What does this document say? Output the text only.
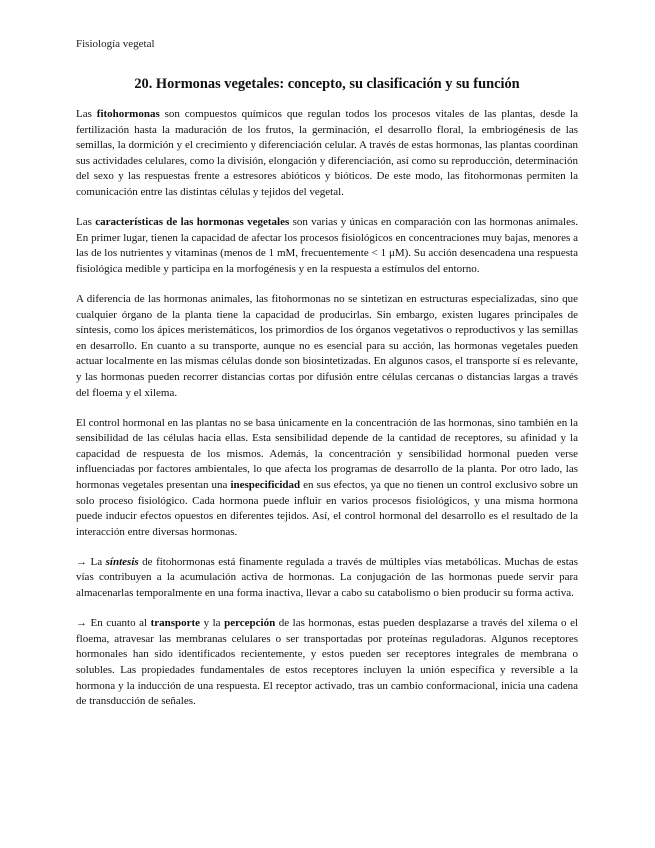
Fisiología vegetal
20. Hormonas vegetales: concepto, su clasificación y su función

Las fitohormonas son compuestos químicos que regulan todos los procesos vitales de las plantas, desde la fertilización hasta la maduración de los frutos, la germinación, el desarrollo floral, la embriogénesis de las semillas, la dormición y el crecimiento y diferenciación celular. A través de estas hormonas, las plantas coordinan sus actividades celulares, como la división, elongación y diferenciación, así como su reproducción, determinación del sexo y las respuestas frente a estresores abióticos y bióticos. De este modo, las fitohormonas permiten la comunicación entre las distintas células y tejidos del vegetal.

Las características de las hormonas vegetales son varias y únicas en comparación con las hormonas animales. En primer lugar, tienen la capacidad de afectar los procesos fisiológicos en concentraciones muy bajas, menores a las de los nutrientes y vitaminas (menos de 1 mM, frecuentemente < 1 μM). Su acción desencadena una respuesta fisiológica medible y participa en la morfogénesis y en la respuesta a estímulos del entorno.

A diferencia de las hormonas animales, las fitohormonas no se sintetizan en estructuras especializadas, sino que cualquier órgano de la planta tiene la capacidad de producirlas. Sin embargo, existen lugares principales de síntesis, como los ápices meristemáticos, los primordios de los órganos vegetativos o reproductivos y las semillas en desarrollo. En cuanto a su transporte, aunque no es esencial para su acción, las hormonas vegetales pueden actuar localmente en las mismas células donde son biosintetizadas. En algunos casos, el transporte sí es relevante, y las hormonas pueden recorrer distancias cortas por difusión entre células cercanas o distancias largas a través del floema y el xilema.

El control hormonal en las plantas no se basa únicamente en la concentración de las hormonas, sino también en la sensibilidad de las células hacia ellas. Esta sensibilidad depende de la cantidad de receptores, su afinidad y la capacidad de respuesta de los mismos. Además, la concentración y sensibilidad hormonal pueden verse influenciadas por factores ambientales, lo que afecta los programas de desarrollo de la planta. Por otro lado, las hormonas vegetales presentan una inespecificidad en sus efectos, ya que no tienen un control exclusivo sobre un solo proceso fisiológico. Cada hormona puede influir en varios procesos fisiológicos, y una misma hormona puede inducir efectos opuestos en diferentes tejidos. Así, el control hormonal del desarrollo es el resultado de la interacción entre diversas hormonas.

→ La síntesis de fitohormonas está finamente regulada a través de múltiples vías metabólicas. Muchas de estas vías contribuyen a la acumulación activa de hormonas. La conjugación de las hormonas puede servir para almacenarlas temporalmente en una forma inactiva, llevar a cabo su catabolismo o bien producir su forma activa.

→ En cuanto al transporte y la percepción de las hormonas, estas pueden desplazarse a través del xilema o el floema, atravesar las membranas celulares o ser transportadas por proteínas reguladoras. Algunos receptores hormonales han sido identificados recientemente, y estos pueden ser receptores integrales de membrana o solubles. Las propiedades fundamentales de estos receptores incluyen la unión específica y reversible a la hormona y la inducción de una respuesta. El receptor activado, tras un cambio conformacional, inicia una cadena de transducción de señales.
